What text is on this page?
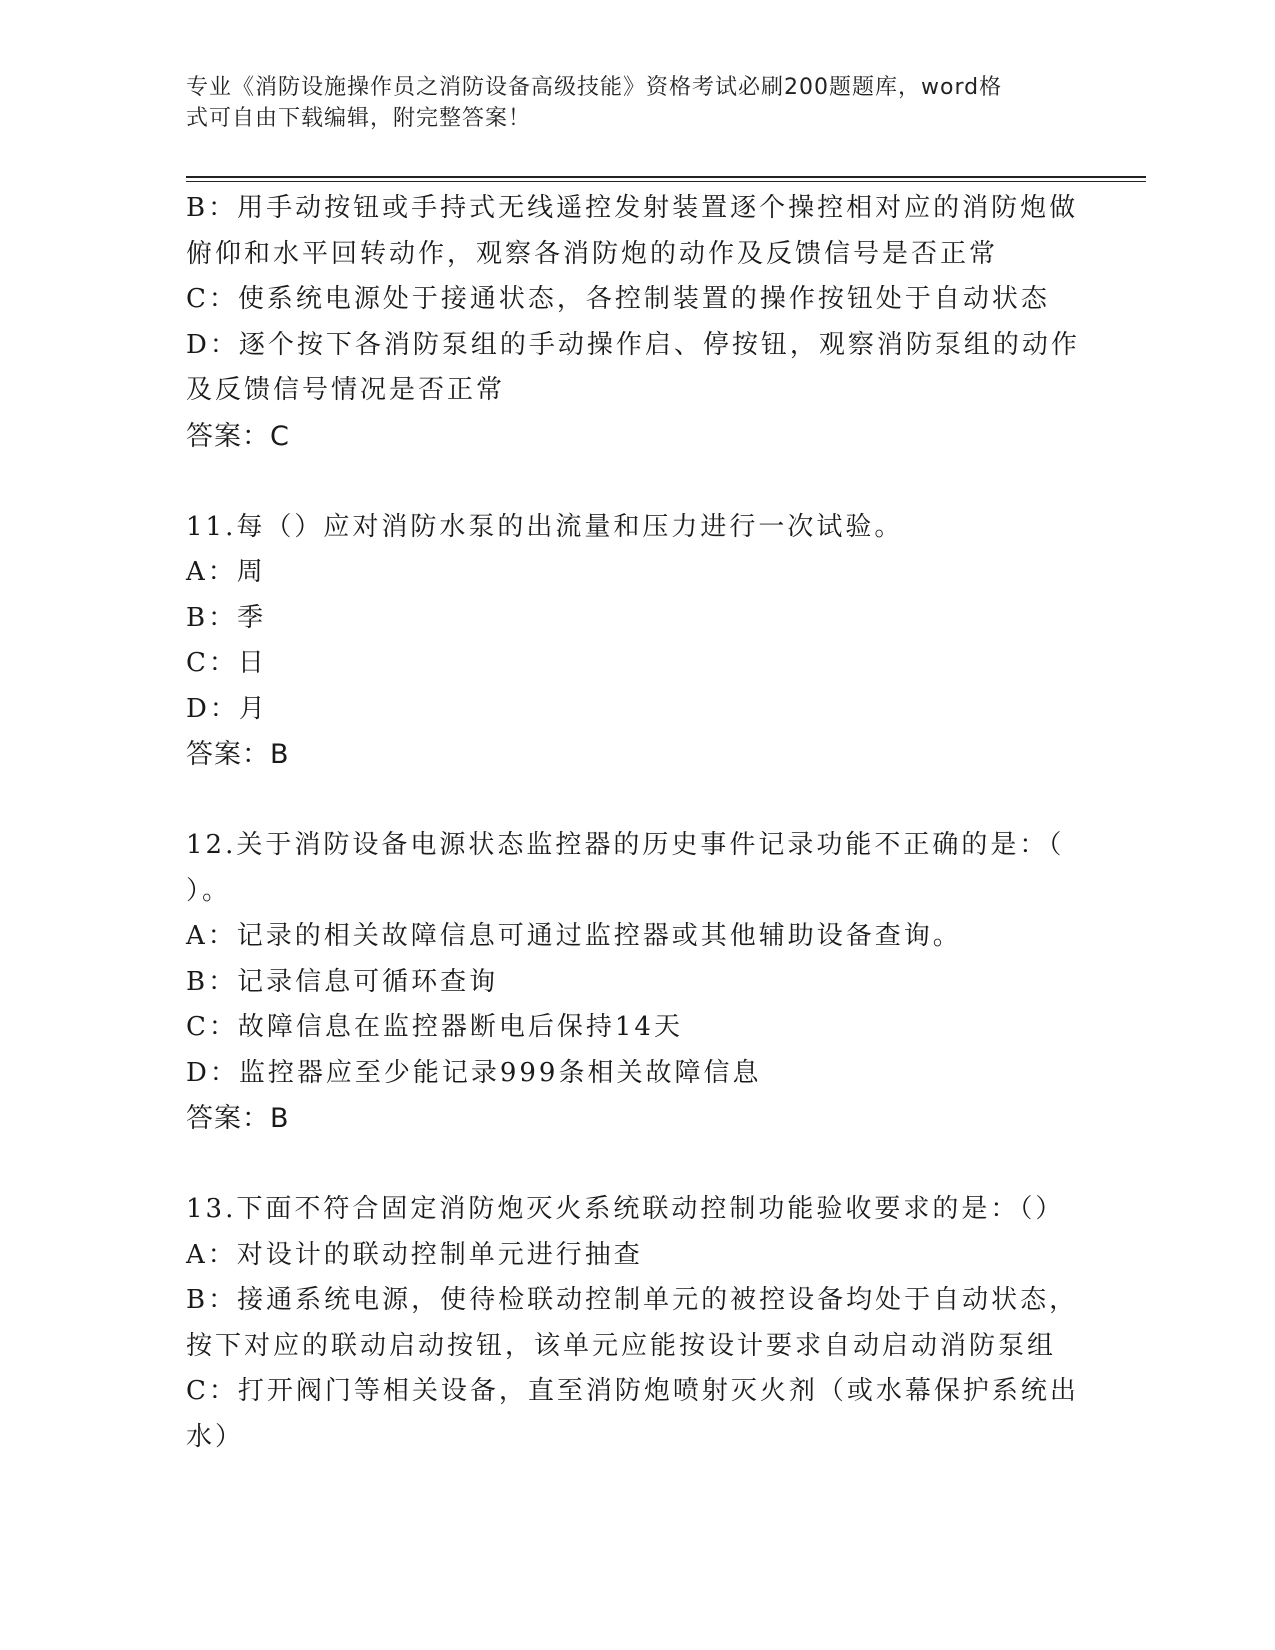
专业《消防设施操作员之消防设备高级技能》资格考试必刷200题题库，word格
式可自由下载编辑，附完整答案！
B：用手动按钮或手持式无线遥控发射装置逐个操控相对应的消防炮做
俯仰和水平回转动作，观察各消防炮的动作及反馈信号是否正常
C：使系统电源处于接通状态，各控制装置的操作按钮处于自动状态
D：逐个按下各消防泵组的手动操作启、停按钮，观察消防泵组的动作
及反馈信号情况是否正常
答案：C
11.每（）应对消防水泵的出流量和压力进行一次试验。
A：周
B：季
C：日
D：月
答案：B
12.关于消防设备电源状态监控器的历史事件记录功能不正确的是：（
）。
A：记录的相关故障信息可通过监控器或其他辅助设备查询。
B：记录信息可循环查询
C：故障信息在监控器断电后保持14天
D：监控器应至少能记录999条相关故障信息
答案：B
13.下面不符合固定消防炮灭火系统联动控制功能验收要求的是：（）
A：对设计的联动控制单元进行抽查
B：接通系统电源，使待检联动控制单元的被控设备均处于自动状态，
按下对应的联动启动按钮，该单元应能按设计要求自动启动消防泵组
C：打开阀门等相关设备，直至消防炮喷射灭火剂（或水幕保护系统出
水）
